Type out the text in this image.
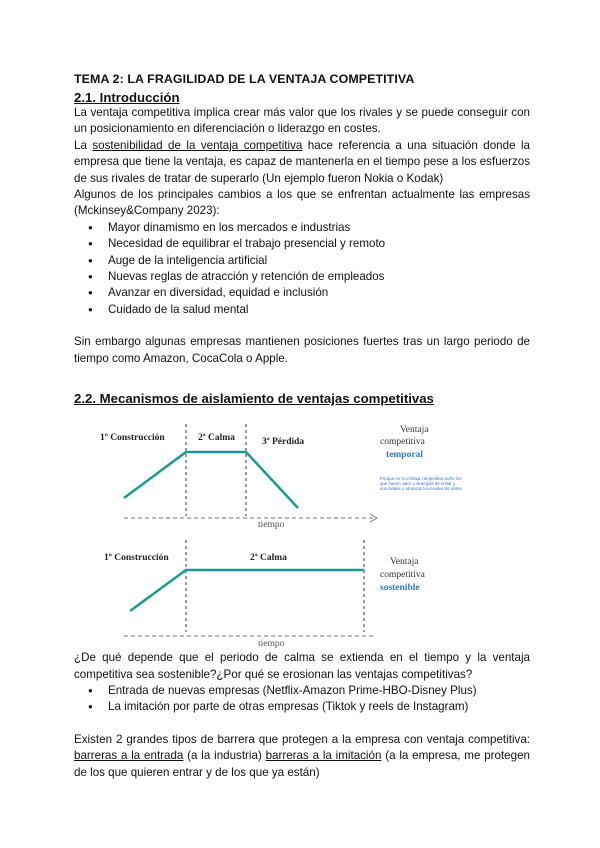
TEMA 2: LA FRAGILIDAD DE LA VENTAJA COMPETITIVA
2.1. Introducción

La ventaja competitiva implica crear más valor que los rivales y se puede conseguir con un posicionamiento en diferenciación o liderazgo en costes.

La sostenibilidad de la ventaja competitiva hace referencia a una situación donde la empresa que tiene la ventaja, es capaz de mantenerla en el tiempo pese a los esfuerzos de sus rivales de tratar de superarlo (Un ejemplo fueron Nokia o Kodak)

Algunos de los principales cambios a los que se enfrentan actualmente las empresas (Mckinsey&Company 2023):

● Mayor dinamismo en los mercados e industrias
● Necesidad de equilibrar el trabajo presencial y remoto
● Auge de la inteligencia artificial
● Nuevas reglas de atracción y retención de empleados
● Avanzar en diversidad, equidad e inclusión
● Cuidado de la salud mental

Sin embargo algunas empresas mantienen posiciones fuertes tras un largo periodo de tiempo como Amazon, CocaCola o Apple.

2.2. Mecanismos de aislamiento de ventajas competitivas
1º Construcción	2ª Calma	3ª Pérdida
Ventaja
competitiva
temporal
Porque no lo ventaja competitiva sufre los que hacen valer o sinergias de imitar y sus rivales y alcanzar los niveles de antes
tiempo
1º Construcción	2ª Calma	Ventaja
competitiva
sostenible
tiempo

¿De qué depende que el periodo de calma se extienda en el tiempo y la ventaja competitiva sea sostenible?¿Por qué se erosionan las ventajas competitivas?

● Entrada de nuevas empresas (Netflix-Amazon Prime-HBO-Disney Plus)
● La imitación por parte de otras empresas (Tiktok y reels de Instagram)

Existen 2 grandes tipos de barrera que protegen a la empresa con ventaja competitiva: barreras a la entrada (a la industria) barreras a la imitación (a la empresa, me protegen de los que quieren entrar y de los que ya están)
